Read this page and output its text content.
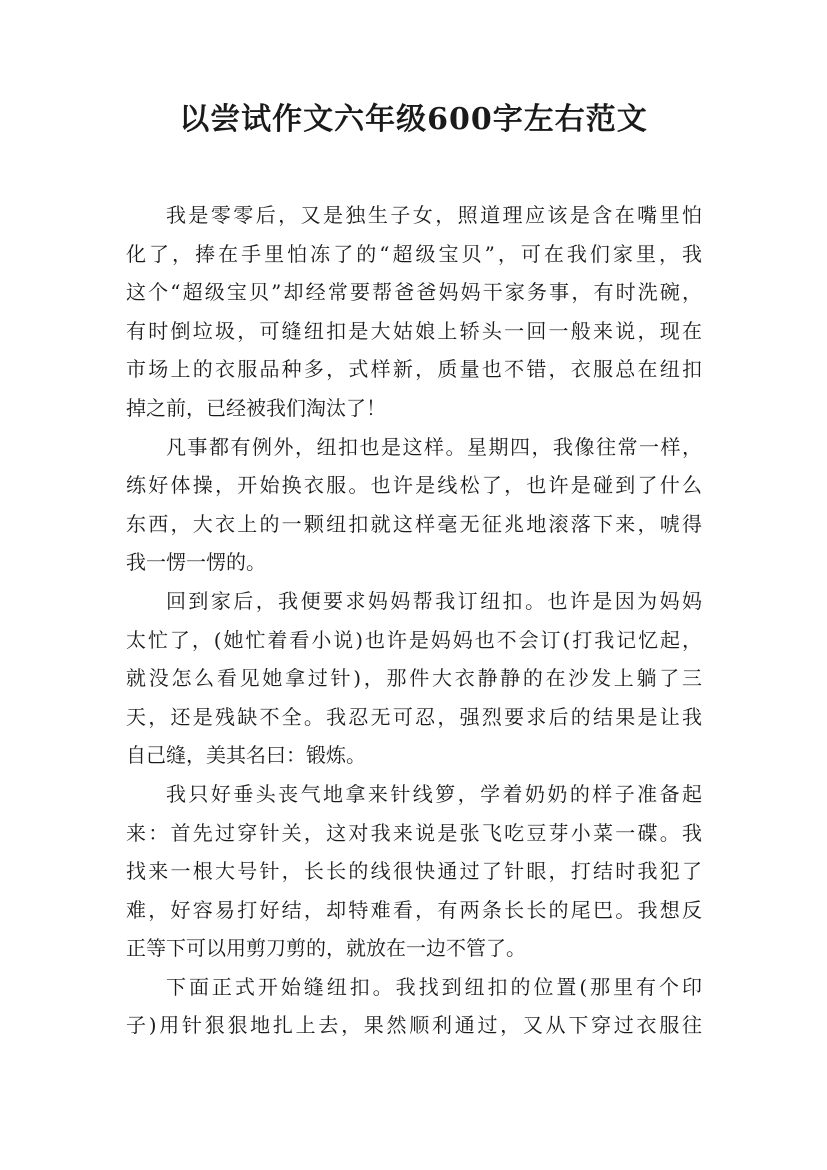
以尝试作文六年级600字左右范文
我是零零后，又是独生子女，照道理应该是含在嘴里怕
化了，捧在手里怕冻了的“超级宝贝”，可在我们家里，我
这个“超级宝贝”却经常要帮爸爸妈妈干家务事，有时洗碗，
有时倒垃圾，可缝纽扣是大姑娘上轿头一回一般来说，现在
市场上的衣服品种多，式样新，质量也不错，衣服总在纽扣
掉之前，已经被我们淘汰了！
凡事都有例外，纽扣也是这样。星期四，我像往常一样，
练好体操，开始换衣服。也许是线松了，也许是碰到了什么
东西，大衣上的一颗纽扣就这样毫无征兆地滚落下来，唬得
我一愣一愣的。
回到家后，我便要求妈妈帮我订纽扣。也许是因为妈妈
太忙了，(她忙着看小说)也许是妈妈也不会订(打我记忆起，
就没怎么看见她拿过针)，那件大衣静静的在沙发上躺了三
天，还是残缺不全。我忍无可忍，强烈要求后的结果是让我
自己缝，美其名曰：锻炼。
我只好垂头丧气地拿来针线箩，学着奶奶的样子准备起
来：首先过穿针关，这对我来说是张飞吃豆芽小菜一碟。我
找来一根大号针，长长的线很快通过了针眼，打结时我犯了
难，好容易打好结，却特难看，有两条长长的尾巴。我想反
正等下可以用剪刀剪的，就放在一边不管了。
下面正式开始缝纽扣。我找到纽扣的位置(那里有个印
子)用针狠狠地扎上去，果然顺利通过，又从下穿过衣服往
